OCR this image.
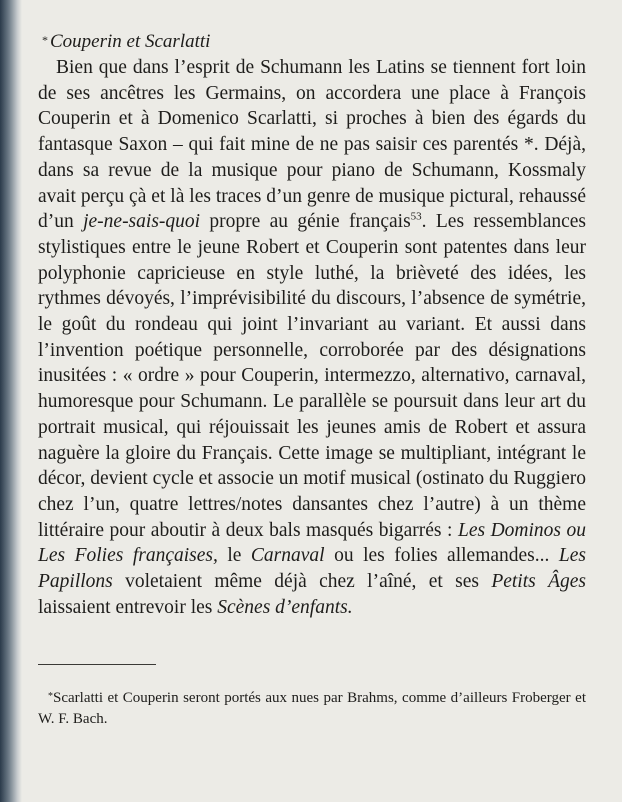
* Couperin et Scarlatti

Bien que dans l’esprit de Schumann les Latins se tiennent fort loin de ses ancêtres les Germains, on accordera une place à François Couperin et à Domenico Scarlatti, si proches à bien des égards du fantasque Saxon – qui fait mine de ne pas saisir ces parentés *. Déjà, dans sa revue de la musique pour piano de Schumann, Kossmaly avait perçu çà et là les traces d’un genre de musique pictural, rehaussé d’un je-ne-sais-quoi propre au génie français$^{53}$. Les ressemblances stylistiques entre le jeune Robert et Couperin sont patentes dans leur polyphonie capricieuse en style luthé, la brièveté des idées, les rythmes dévoyés, l’imprévisibilité du discours, l’absence de symétrie, le goût du rondeau qui joint l’invariant au variant. Et aussi dans l’invention poétique personnelle, corroborée par des désignations inusitées : « ordre » pour Couperin, intermezzo, alternativo, carnaval, humoresque pour Schumann. Le parallèle se poursuit dans leur art du portrait musical, qui réjouissait les jeunes amis de Robert et assura naguère la gloire du Français. Cette image se multipliant, intégrant le décor, devient cycle et associe un motif musical (ostinato du Ruggiero chez l’un, quatre lettres/notes dansantes chez l’autre) à un thème littéraire pour aboutir à deux bals masqués bigarrés : Les Dominos ou Les Folies françaises, le Carnaval ou les folies allemandes... Les Papillons voletaient même déjà chez l’aîné, et ses Petits Âges laissaient entrevoir les Scènes d’enfants.

*Scarlatti et Couperin seront portés aux nues par Brahms, comme d’ailleurs Froberger et W. F. Bach.
